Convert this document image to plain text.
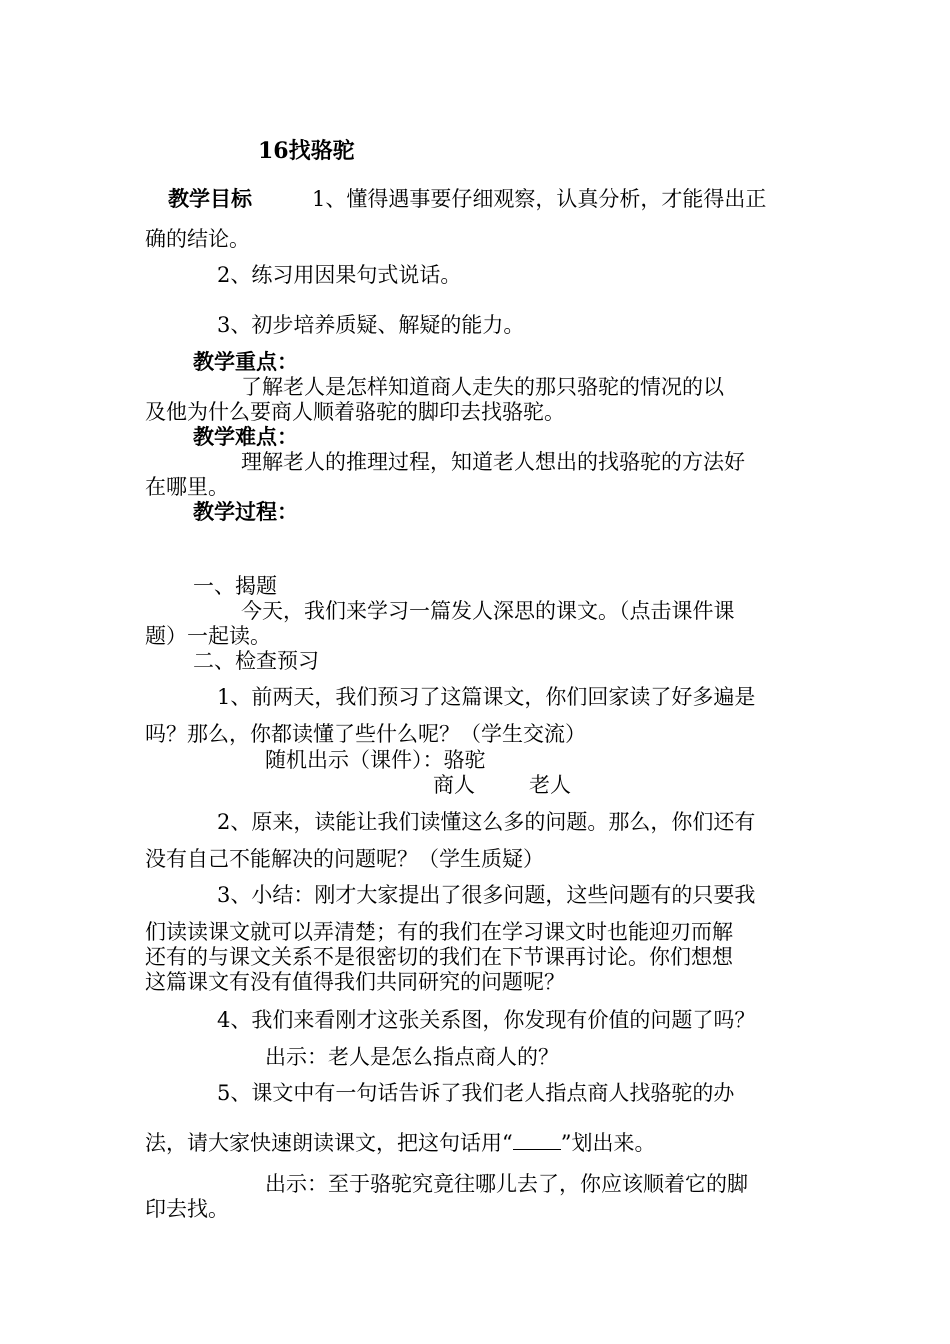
16找骆驼
教学目标	1、懂得遇事要仔细观察，认真分析，才能得出正
确的结论。
2、练习用因果句式说话。
3、初步培养质疑、解疑的能力。
教学重点：
了解老人是怎样知道商人走失的那只骆驼的情况的以
及他为什么要商人顺着骆驼的脚印去找骆驼。
教学难点：
理解老人的推理过程，知道老人想出的找骆驼的方法好
在哪里。
教学过程：
一、揭题
今天，我们来学习一篇发人深思的课文。（点击课件课
题）一起读。
二、检查预习
1、前两天，我们预习了这篇课文，你们回家读了好多遍是
吗？那么，你都读懂了些什么呢？（学生交流）
随机出示（课件）：骆驼
商人	老人
2、原来，读能让我们读懂这么多的问题。那么，你们还有
没有自己不能解决的问题呢？（学生质疑）
3、小结：刚才大家提出了很多问题，这些问题有的只要我
们读读课文就可以弄清楚；有的我们在学习课文时也能迎刃而解
还有的与课文关系不是很密切的我们在下节课再讨论。你们想想
这篇课文有没有值得我们共同研究的问题呢？
4、我们来看刚才这张关系图，你发现有价值的问题了吗？
出示：老人是怎么指点商人的？
5、课文中有一句话告诉了我们老人指点商人找骆驼的办
法，请大家快速朗读课文，把这句话用“ ”划出来。
出示：至于骆驼究竟往哪儿去了，你应该顺着它的脚
印去找。
